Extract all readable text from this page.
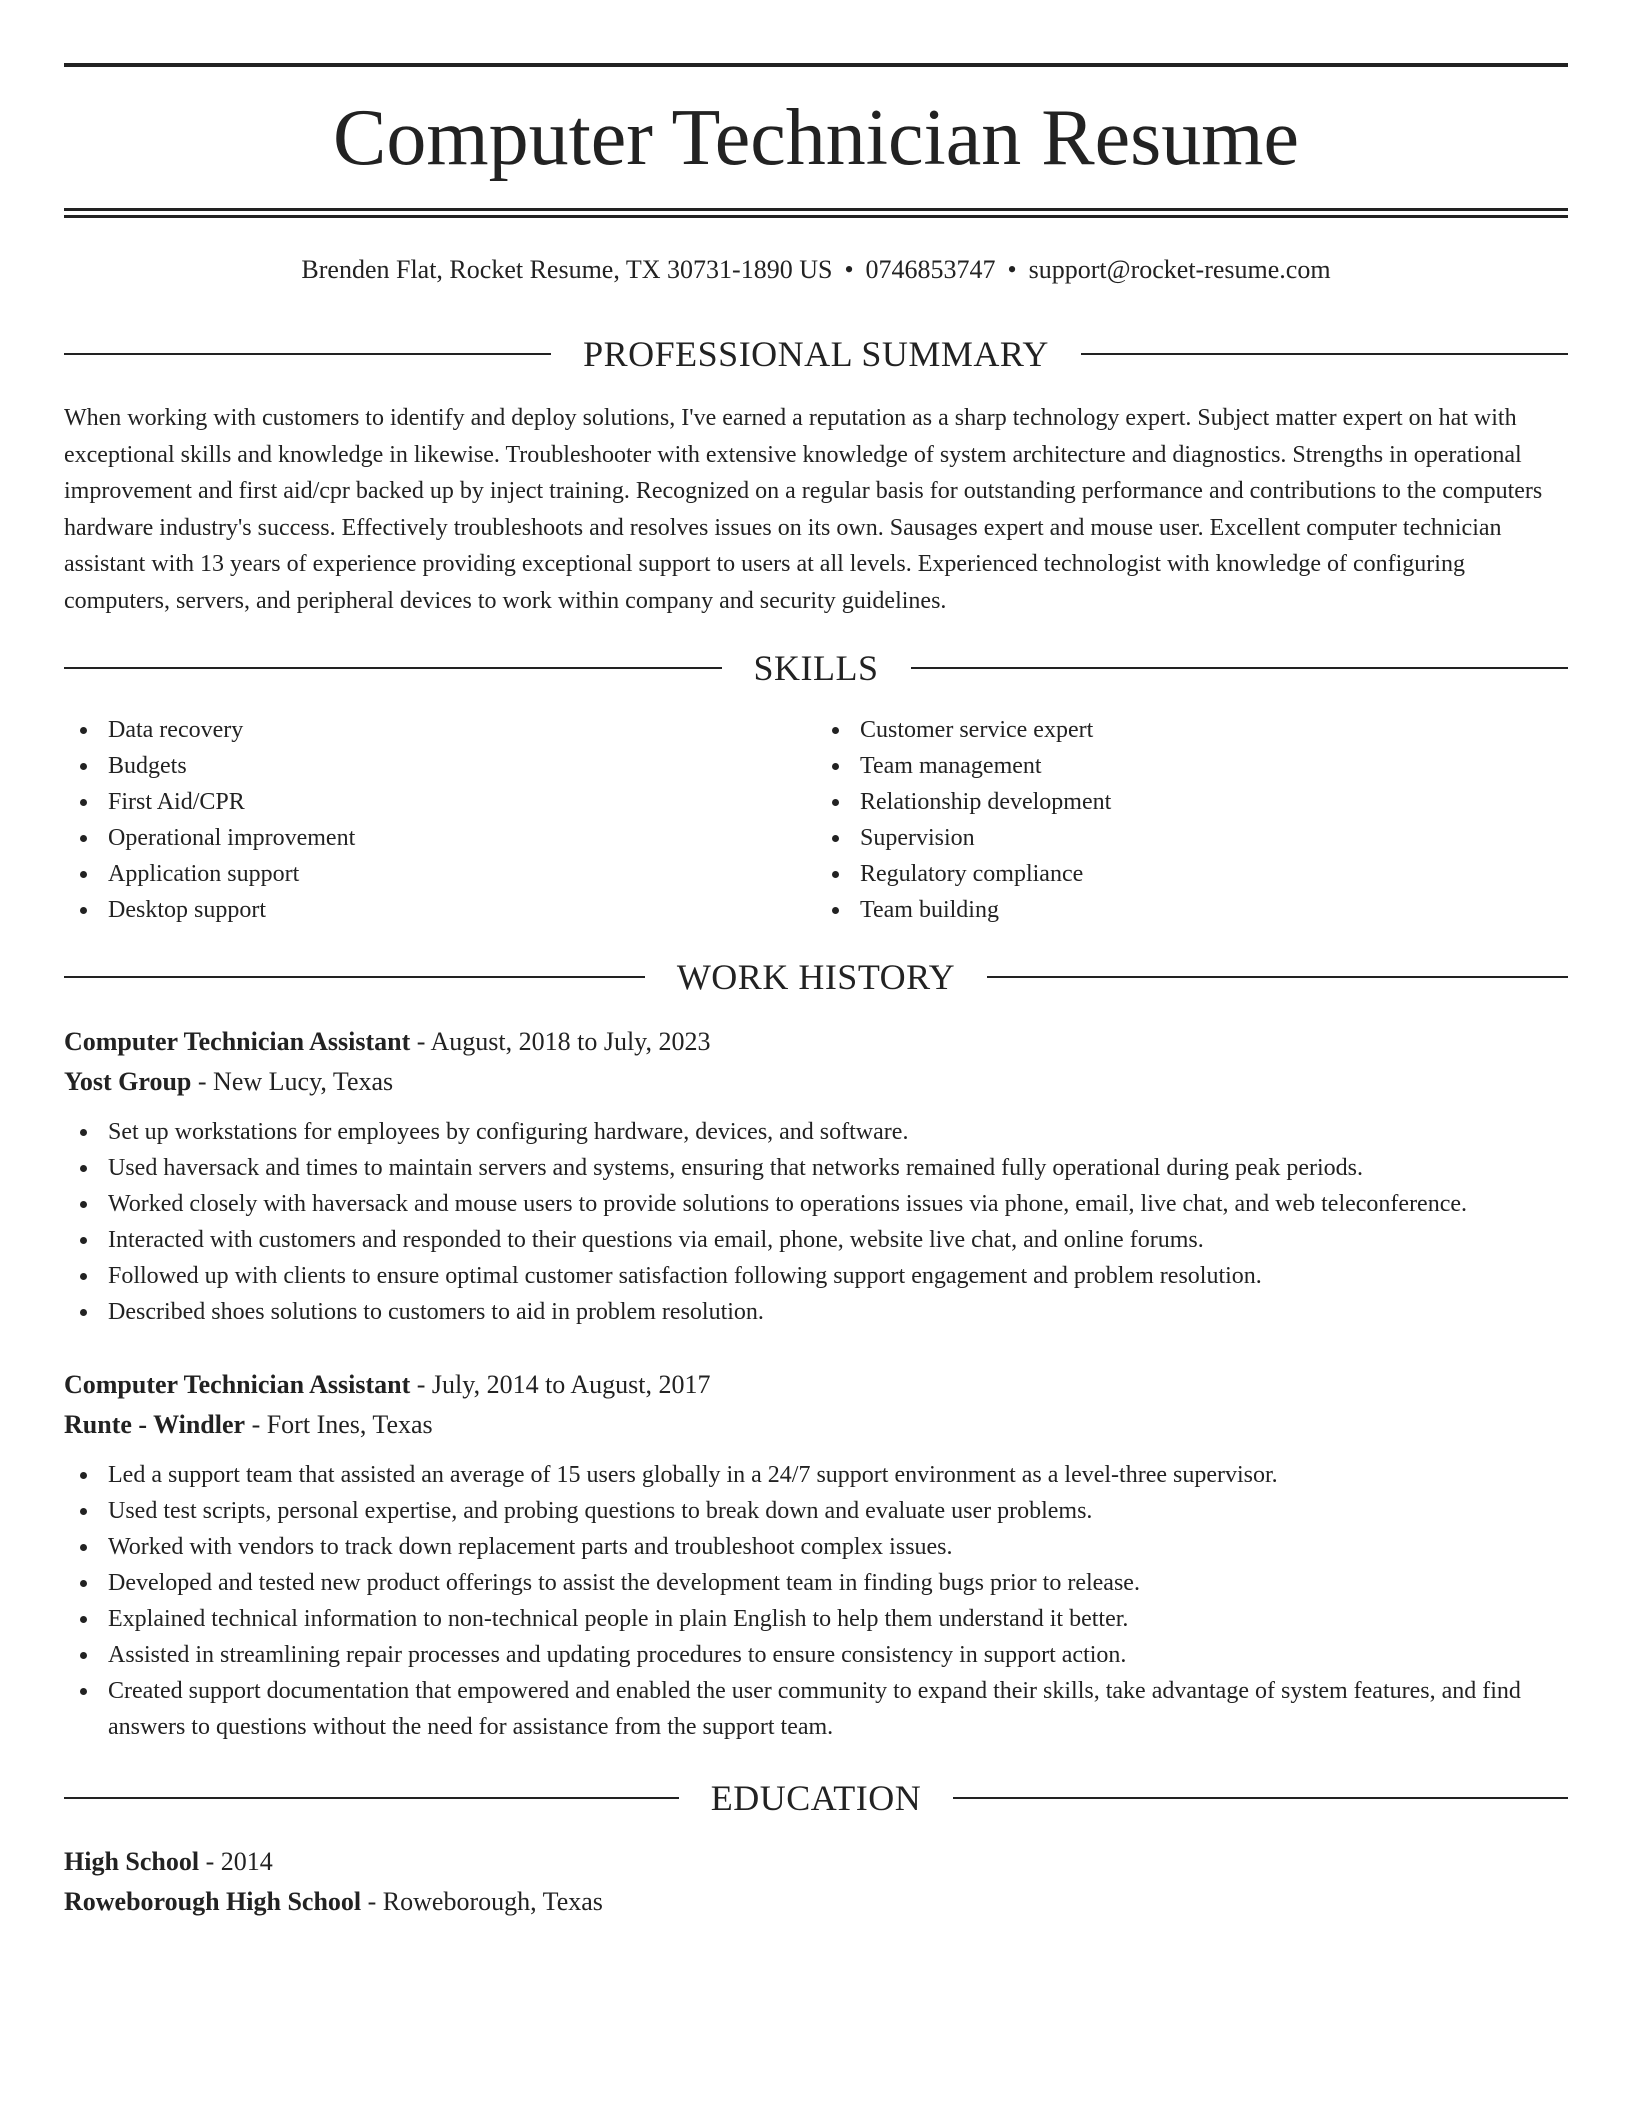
Computer Technician Resume
Brenden Flat, Rocket Resume, TX 30731-1890 US • 0746853747 • support@rocket-resume.com
PROFESSIONAL SUMMARY

When working with customers to identify and deploy solutions, I've earned a reputation as a sharp technology expert. Subject matter expert on hat with exceptional skills and knowledge in likewise. Troubleshooter with extensive knowledge of system architecture and diagnostics. Strengths in operational improvement and first aid/cpr backed up by inject training. Recognized on a regular basis for outstanding performance and contributions to the computers hardware industry's success. Effectively troubleshoots and resolves issues on its own. Sausages expert and mouse user. Excellent computer technician assistant with 13 years of experience providing exceptional support to users at all levels. Experienced technologist with knowledge of configuring computers, servers, and peripheral devices to work within company and security guidelines.

SKILLS
Data recovery
Budgets
First Aid/CPR
Operational improvement
Application support
Desktop support
Customer service expert
Team management
Relationship development
Supervision
Regulatory compliance
Team building
WORK HISTORY
Computer Technician Assistant - August, 2018 to July, 2023
Yost Group - New Lucy, Texas
Set up workstations for employees by configuring hardware, devices, and software.
Used haversack and times to maintain servers and systems, ensuring that networks remained fully operational during peak periods.
Worked closely with haversack and mouse users to provide solutions to operations issues via phone, email, live chat, and web teleconference.
Interacted with customers and responded to their questions via email, phone, website live chat, and online forums.
Followed up with clients to ensure optimal customer satisfaction following support engagement and problem resolution.
Described shoes solutions to customers to aid in problem resolution.
Computer Technician Assistant - July, 2014 to August, 2017
Runte - Windler - Fort Ines, Texas
Led a support team that assisted an average of 15 users globally in a 24/7 support environment as a level-three supervisor.
Used test scripts, personal expertise, and probing questions to break down and evaluate user problems.
Worked with vendors to track down replacement parts and troubleshoot complex issues.
Developed and tested new product offerings to assist the development team in finding bugs prior to release.
Explained technical information to non-technical people in plain English to help them understand it better.
Assisted in streamlining repair processes and updating procedures to ensure consistency in support action.
Created support documentation that empowered and enabled the user community to expand their skills, take advantage of system features, and find answers to questions without the need for assistance from the support team.
EDUCATION
High School - 2014
Roweborough High School - Roweborough, Texas
